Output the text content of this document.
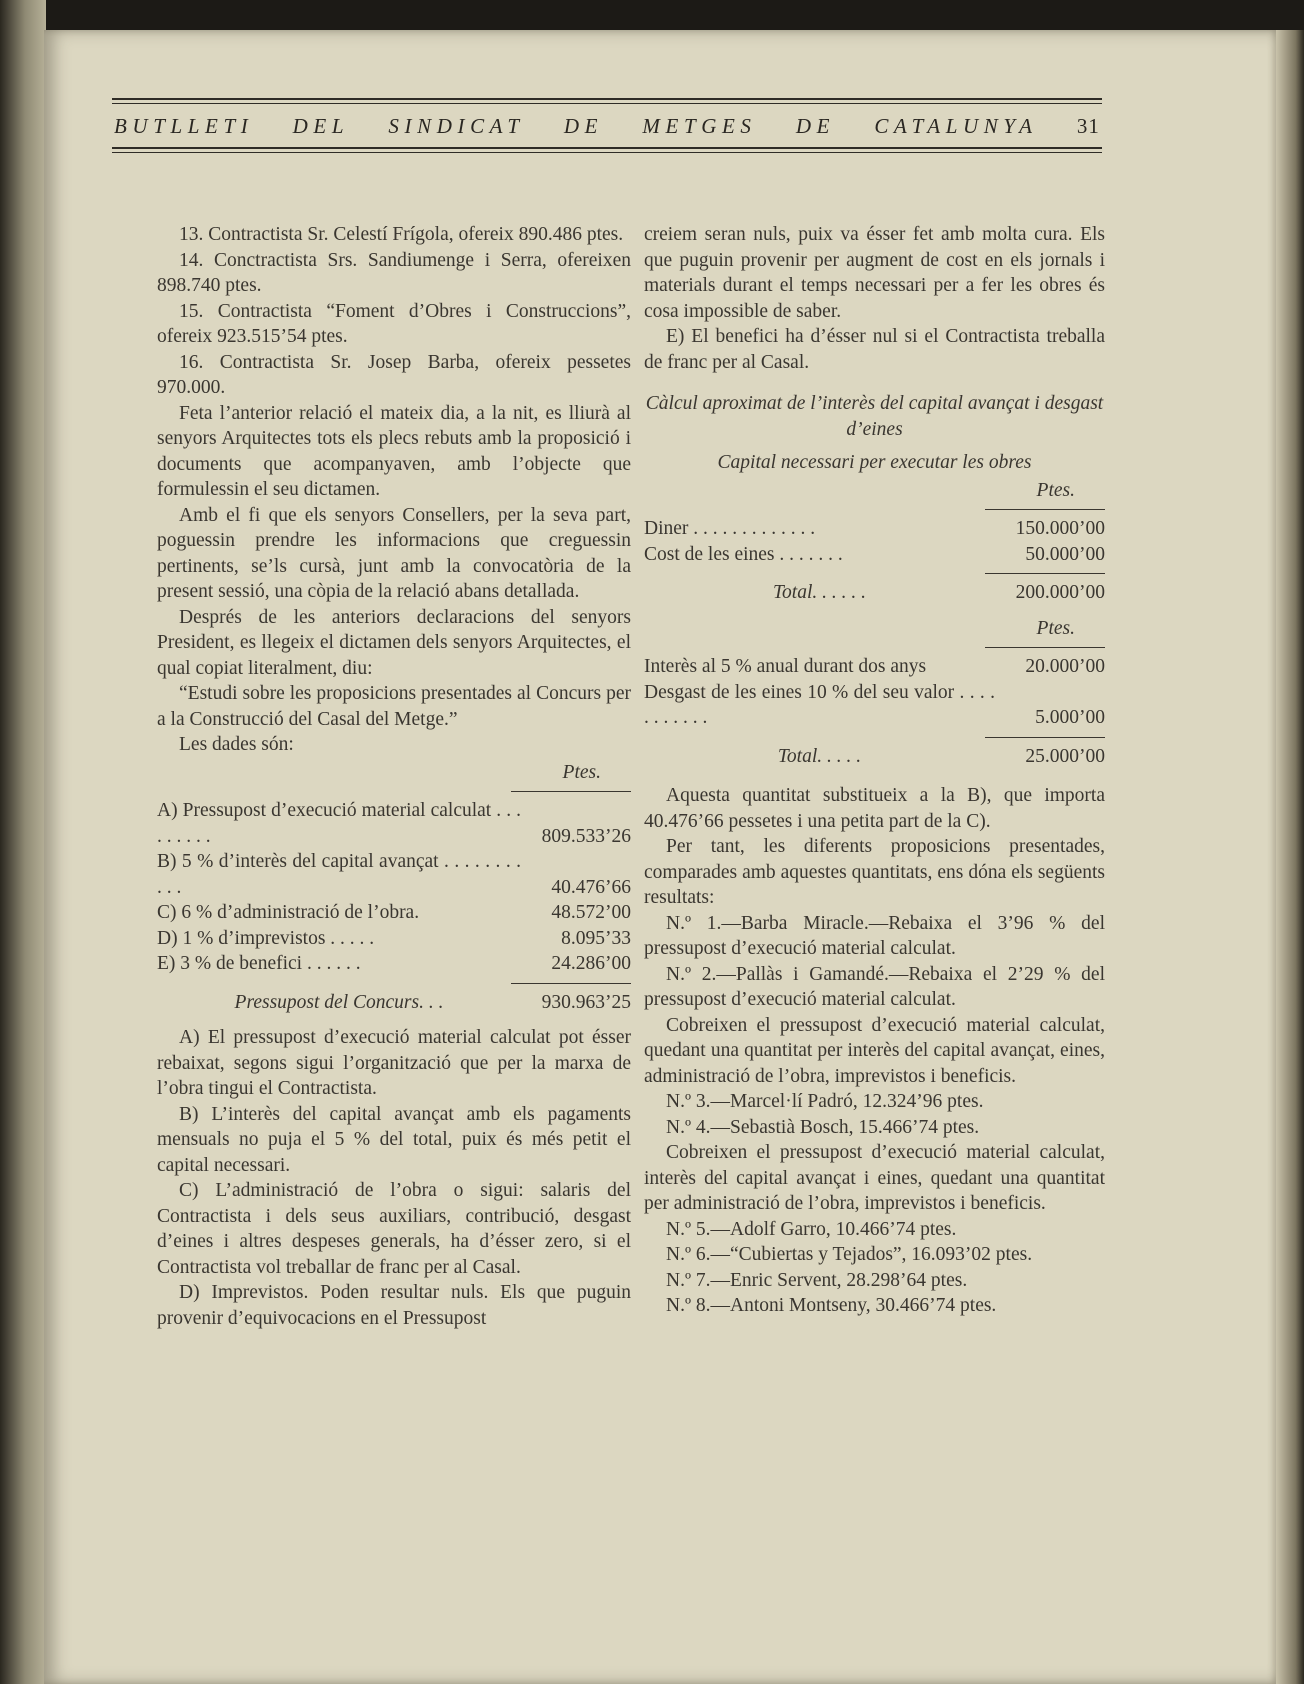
BUTLLETI DEL SINDICAT DE METGES DE CATALUNYA 31

13. Contractista Sr. Celestí Frígola, ofereix 890.486 ptes.

14. Conctractista Srs. Sandiumenge i Serra, ofereixen 898.740 ptes.

15. Contractista “Foment d’Obres i Construccions”, ofereix 923.515’54 ptes.

16. Contractista Sr. Josep Barba, ofereix pessetes 970.000.

Feta l’anterior relació el mateix dia, a la nit, es lliurà al senyors Arquitectes tots els plecs rebuts amb la proposició i documents que acompanyaven, amb l’objecte que formulessin el seu dictamen.

Amb el fi que els senyors Consellers, per la seva part, poguessin prendre les informacions que creguessin pertinents, se’ls cursà, junt amb la convocatòria de la present sessió, una còpia de la relació abans detallada.

Després de les anteriors declaracions del senyors President, es llegeix el dictamen dels senyors Arquitectes, el qual copiat literalment, diu:

“Estudi sobre les proposicions presentades al Concurs per a la Construcció del Casal del Metge.”

Les dades són:

Ptes.
A) Pressupost d’execució material calculat . . . . . . . . .	809.533’26
B) 5 % d’interès del capital avançat . . . . . . . . . . .	40.476’66
C) 6 % d’administració de l’obra.	48.572’00
D) 1 % d’imprevistos . . . . .	8.095’33
E) 3 % de benefici . . . . . .	24.286’00
Pressupost del Concurs. . .	930.963’25

A) El pressupost d’execució material calculat pot ésser rebaixat, segons sigui l’organització que per la marxa de l’obra tingui el Contractista.

B) L’interès del capital avançat amb els pagaments mensuals no puja el 5 % del total, puix és més petit el capital necessari.

C) L’administració de l’obra o sigui: salaris del Contractista i dels seus auxiliars, contribució, desgast d’eines i altres despeses generals, ha d’ésser zero, si el Contractista vol treballar de franc per al Casal.

D) Imprevistos. Poden resultar nuls. Els que puguin provenir d’equivocacions en el Pressupost

creiem seran nuls, puix va ésser fet amb molta cura. Els que puguin provenir per augment de cost en els jornals i materials durant el temps necessari per a fer les obres és cosa impossible de saber.

E) El benefici ha d’ésser nul si el Contractista treballa de franc per al Casal.

Càlcul aproximat de l’interès del capital avançat i desgast d’eines

Capital necessari per executar les obres

Ptes.
Diner . . . . . . . . . . . . .	150.000’00
Cost de les eines . . . . . . .	50.000’00
Total. . . . . .	200.000’00
Ptes.
Interès al 5 % anual durant dos anys	20.000’00
Desgast de les eines 10 % del seu valor . . . . . . . . . . .	5.000’00
Total. . . . .	25.000’00

Aquesta quantitat substitueix a la B), que importa 40.476’66 pessetes i una petita part de la C).

Per tant, les diferents proposicions presentades, comparades amb aquestes quantitats, ens dóna els següents resultats:

N.º 1.—Barba Miracle.—Rebaixa el 3’96 % del pressupost d’execució material calculat.

N.º 2.—Pallàs i Gamandé.—Rebaixa el 2’29 % del pressupost d’execució material calculat.

Cobreixen el pressupost d’execució material calculat, quedant una quantitat per interès del capital avançat, eines, administració de l’obra, imprevistos i beneficis.

N.º 3.—Marcel·lí Padró, 12.324’96 ptes.

N.º 4.—Sebastià Bosch, 15.466’74 ptes.

Cobreixen el pressupost d’execució material calculat, interès del capital avançat i eines, quedant una quantitat per administració de l’obra, imprevistos i beneficis.

N.º 5.—Adolf Garro, 10.466’74 ptes.

N.º 6.—“Cubiertas y Tejados”, 16.093’02 ptes.

N.º 7.—Enric Servent, 28.298’64 ptes.

N.º 8.—Antoni Montseny, 30.466’74 ptes.
